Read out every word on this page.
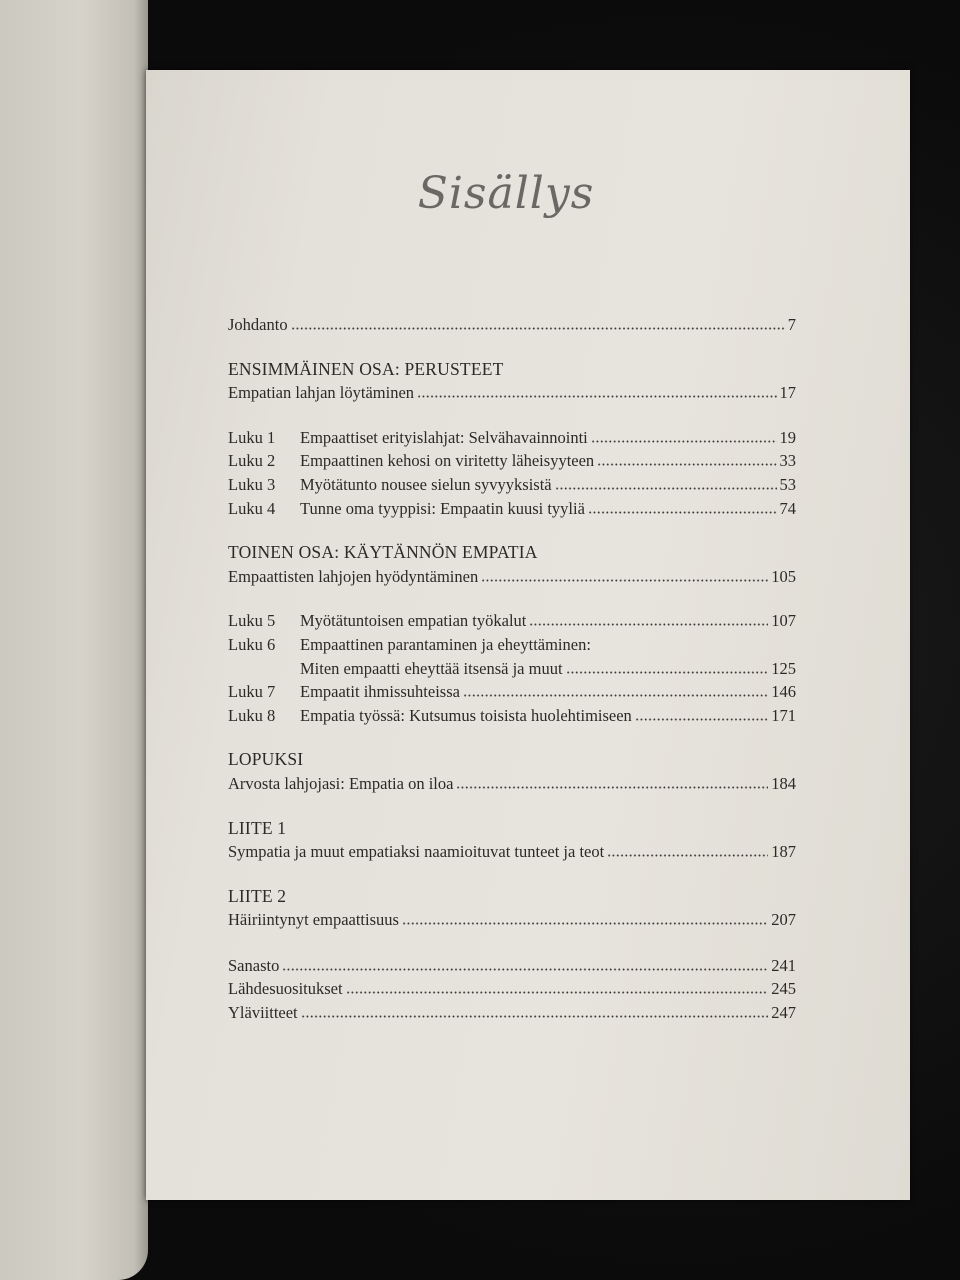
Sisällys
Johdanto	7
ENSIMMÄINEN OSA: PERUSTEET
Empatian lahjan löytäminen	17
Luku 1	Empaattiset erityislahjat: Selvähavainnointi	19
Luku 2	Empaattinen kehosi on viritetty läheisyyteen	33
Luku 3	Myötätunto nousee sielun syvyyksistä	53
Luku 4	Tunne oma tyyppisi: Empaatin kuusi tyyliä	74
TOINEN OSA: KÄYTÄNNÖN EMPATIA
Empaattisten lahjojen hyödyntäminen	105
Luku 5	Myötätuntoisen empatian työkalut	107
Luku 6	Empaattinen parantaminen ja eheyttäminen:
Miten empaatti eheyttää itsensä ja muut	125
Luku 7	Empaatit ihmissuhteissa	146
Luku 8	Empatia työssä: Kutsumus toisista huolehtimiseen	171
LOPUKSI
Arvosta lahjojasi: Empatia on iloa	184
LIITE 1
Sympatia ja muut empatiaksi naamioituvat tunteet ja teot	187
LIITE 2
Häiriintynyt empaattisuus	207
Sanasto	241
Lähdesuositukset	245
Yläviitteet	247
